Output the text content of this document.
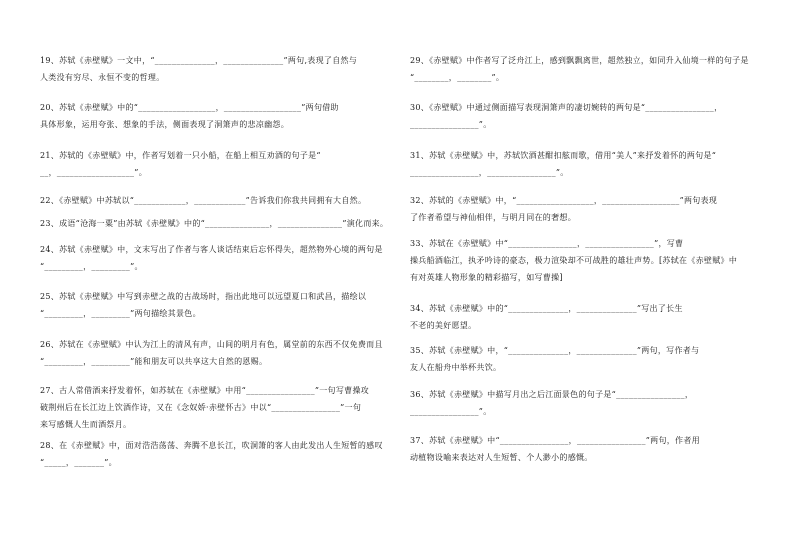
19、苏轼《赤壁赋》一文中，“______________，______________”两句,表现了自然与

人类没有穷尽、永恒不变的哲理。

20、苏轼《赤壁赋》中的“__________________，__________________”两句借助

具体形象，运用夸张、想象的手法，侧面表现了洞箫声的悲凉幽怨。

21、苏轼的《赤壁赋》中，作者写划着一只小船，在船上相互劝酒的句子是“

__，__________________”。

22、《赤壁赋》中苏轼以“____________，____________”告诉我们你我共同拥有大自然。

23、成语“沧海一粟”由苏轼《赤壁赋》中的“_______________，_______________”演化而来。

24、苏轼《赤壁赋》中，文末写出了作者与客人谈话结束后忘怀得失，超然物外心境的两句是

“_________，_________”。

25、苏轼《赤壁赋》中写到赤壁之战的古战场时，指出此地可以远望夏口和武昌，描绘以

“_________，_________”两句描绘其景色。

26、苏轼在《赤壁赋》中认为江上的清风有声，山间的明月有色，属堂前的东西不仅免费而且

“_________，_________”能和朋友可以共享这大自然的恩赐。

27、古人常借酒来抒发着怀，如苏轼在《赤壁赋》中用“________________”一句写曹操攻

破荆州后在长江边上饮酒作诗，又在《念奴娇·赤壁怀古》中以“________________”一句

来写感慨人生而酒祭月。

28、在《赤壁赋》中，面对浩浩荡荡、奔腾不息长江，吹洞箫的客人由此发出人生短暂的感叹

“_____，_______”。

29、《赤壁赋》中作者写了泛舟江上，感到飘飘离世，超然独立，如同升入仙境一样的句子是

“________，________”。

30、《赤壁赋》中通过侧面描写表现洞箫声的凄切婉转的两句是“________________，

________________”。

31、苏轼《赤壁赋》中，苏轼饮酒甚酣扣舷而歌，借用“美人”来抒发着怀的两句是“

________________，________________”。

32、苏轼的《赤壁赋》中，“__________________，__________________”两句表现

了作者希望与神仙相伴，与明月同在的奢想。

33、苏轼在《赤壁赋》中“________________，________________”，写曹

操兵船酒临江，执矛吟诗的豪态，极力渲染却不可战胜的雄壮声势。[苏轼在《赤壁赋》中

有对英雄人物形象的精彩描写，如写曹操]

34、苏轼《赤壁赋》中的“______________，______________”写出了长生

不老的美好愿望。

35、苏轼《赤壁赋》中，“______________，______________”两句，写作者与

友人在船舟中举杯共饮。

36、苏轼《赤壁赋》中描写月出之后江面景色的句子是“________________，

________________”。

37、苏轼《赤壁赋》中“________________，________________”两句，作者用

动植物设喻来表达对人生短暂、个人渺小的感慨。
